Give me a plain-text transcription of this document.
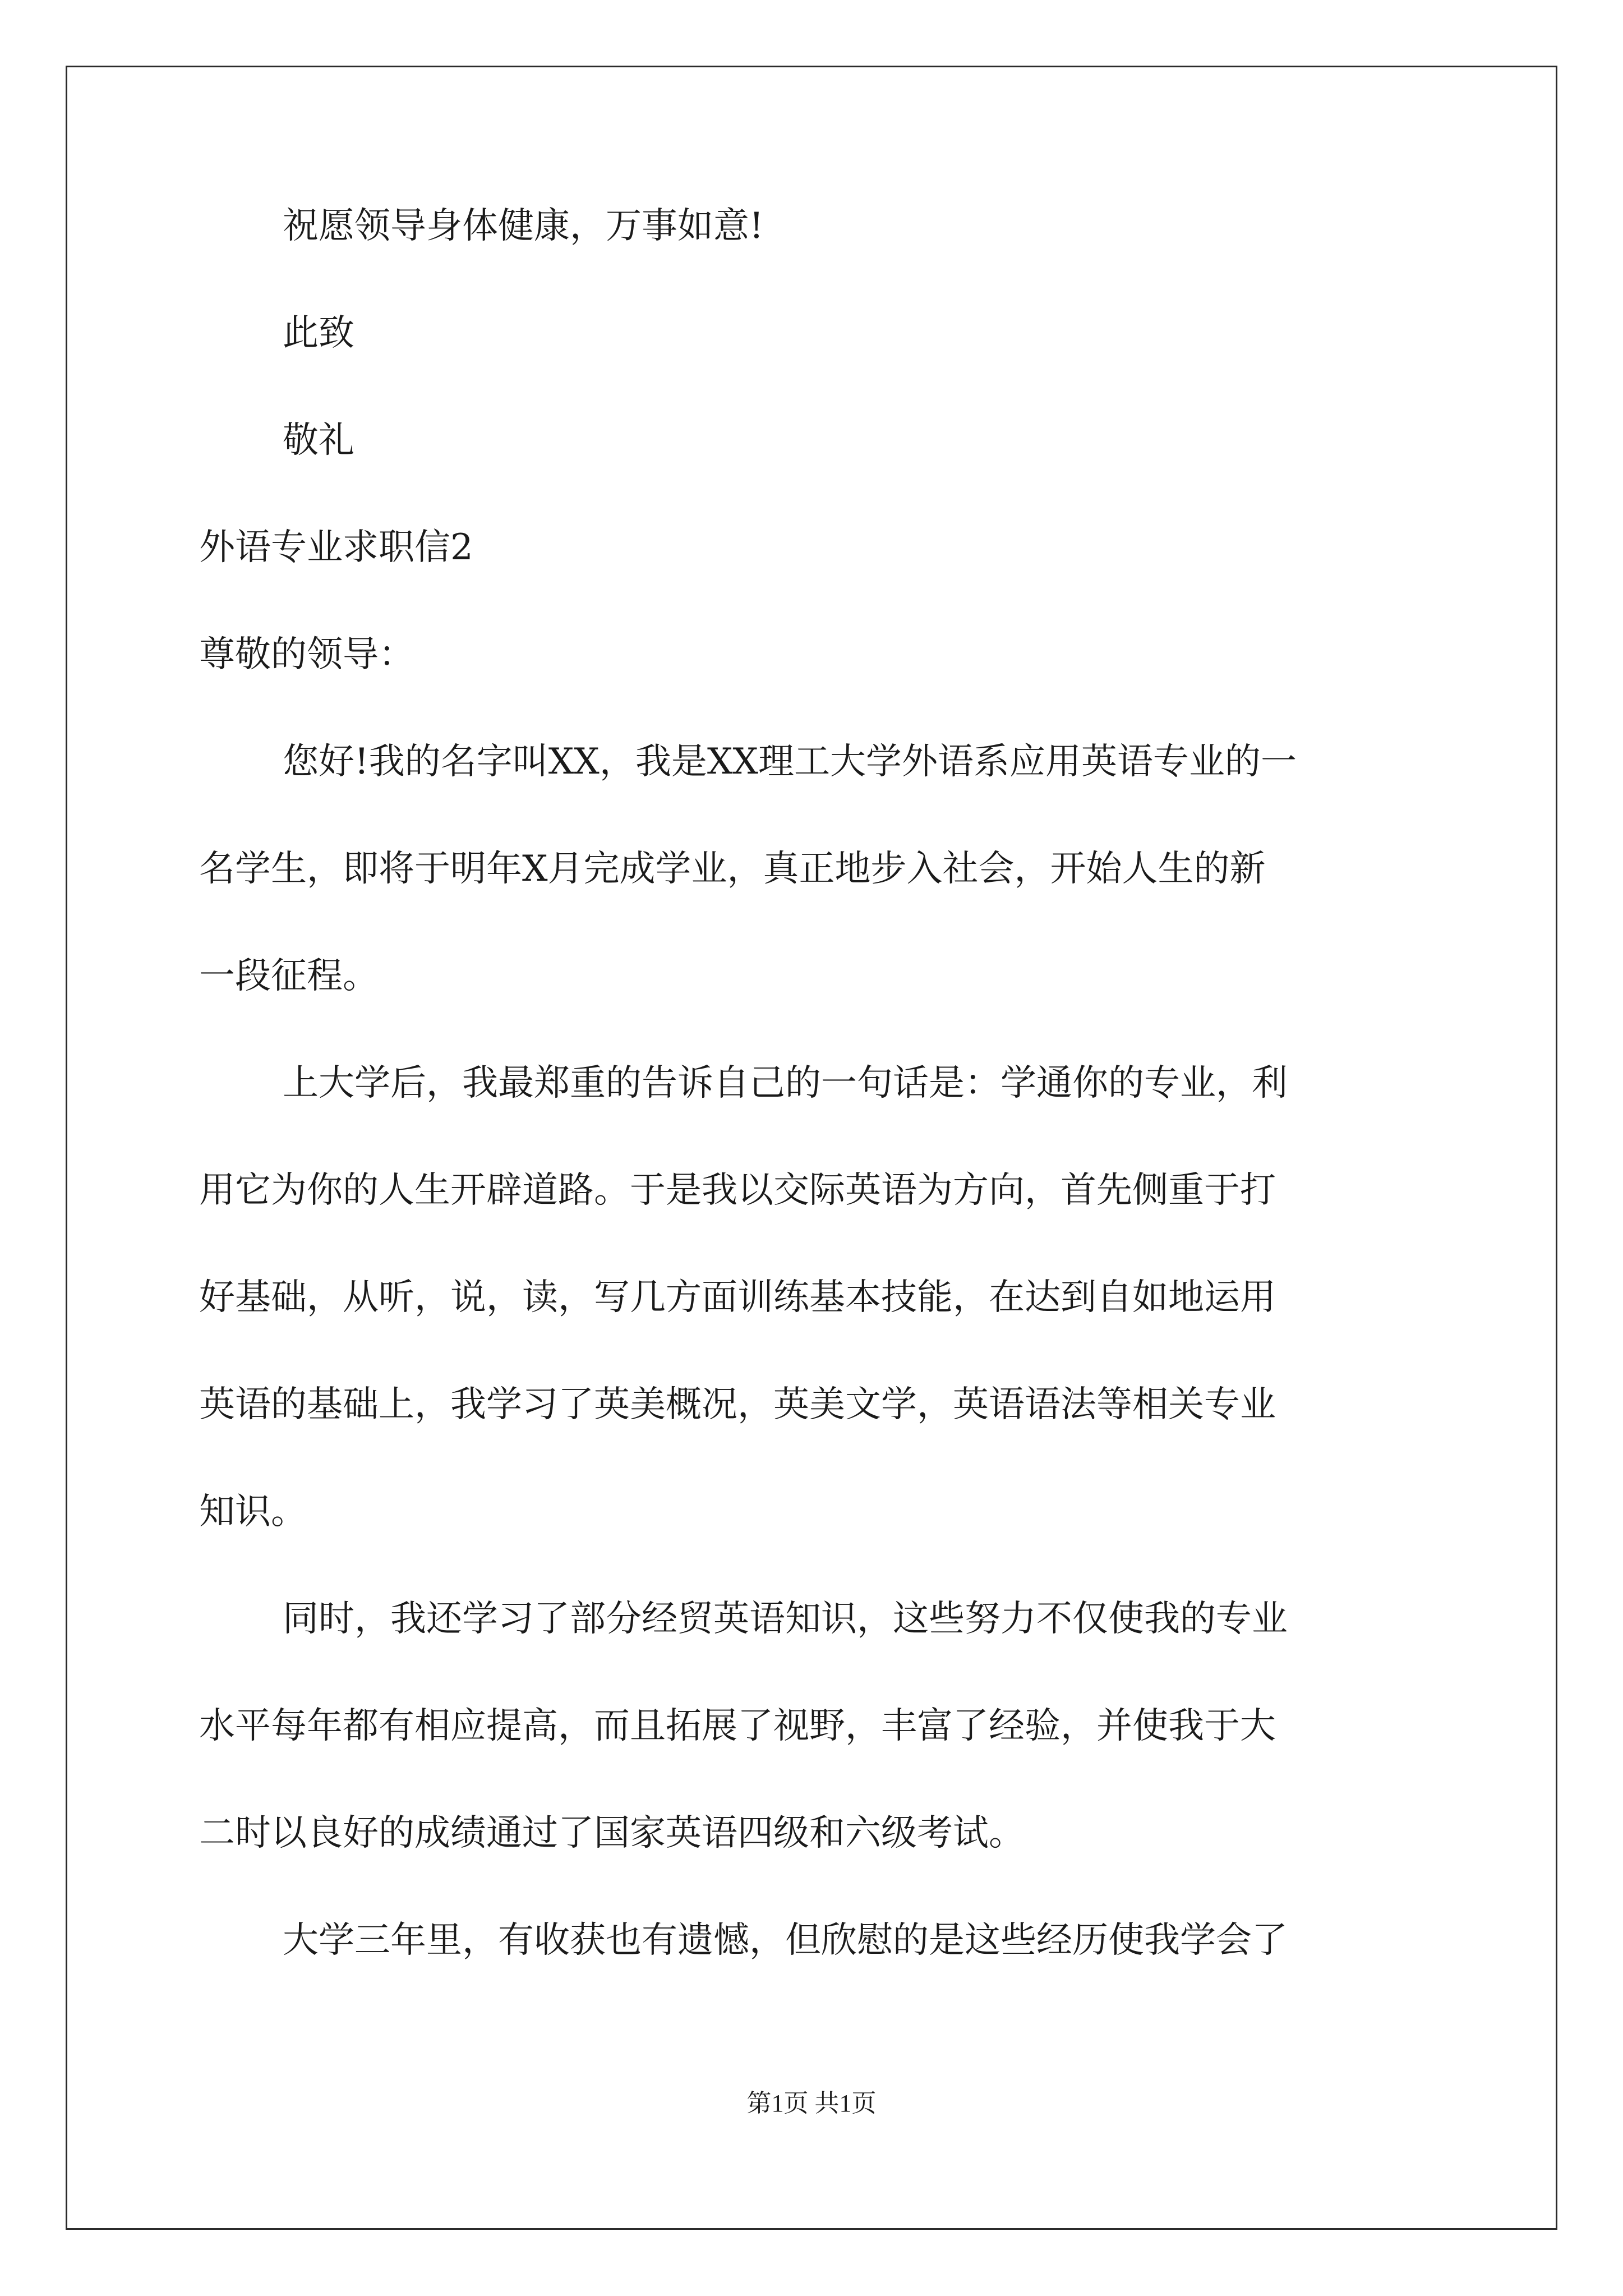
祝愿领导身体健康，万事如意!

此致

敬礼

外语专业求职信2

尊敬的领导：

您好!我的名字叫XX，我是XX理工大学外语系应用英语专业的一

名学生，即将于明年X月完成学业，真正地步入社会，开始人生的新

一段征程。

上大学后，我最郑重的告诉自己的一句话是：学通你的专业，利

用它为你的人生开辟道路。于是我以交际英语为方向，首先侧重于打

好基础，从听，说，读，写几方面训练基本技能，在达到自如地运用

英语的基础上，我学习了英美概况，英美文学，英语语法等相关专业

知识。

同时，我还学习了部分经贸英语知识，这些努力不仅使我的专业

水平每年都有相应提高，而且拓展了视野，丰富了经验，并使我于大

二时以良好的成绩通过了国家英语四级和六级考试。

大学三年里，有收获也有遗憾，但欣慰的是这些经历使我学会了

第1页 共1页
